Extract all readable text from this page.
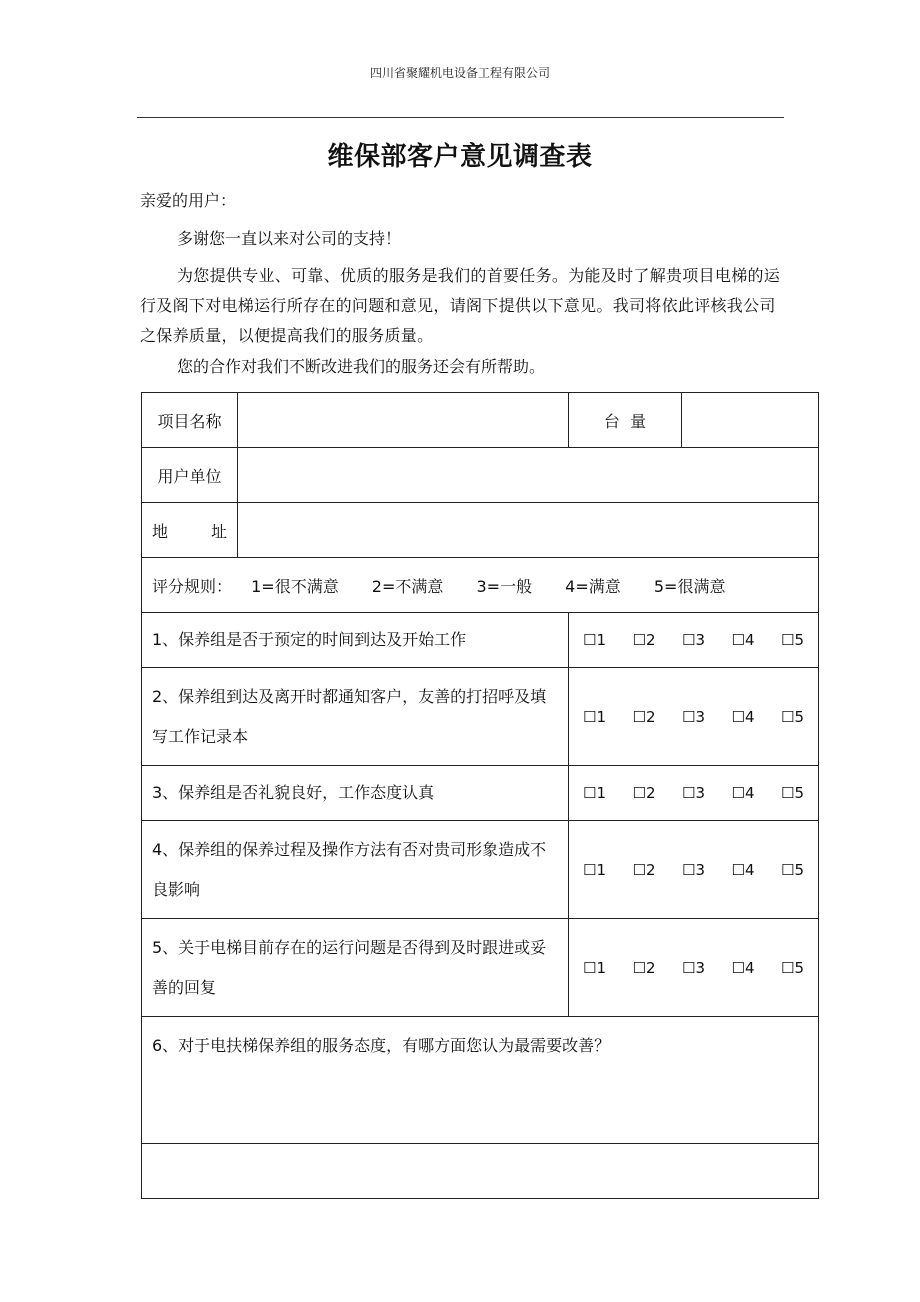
四川省聚耀机电设备工程有限公司
维保部客户意见调查表
亲爱的用户：
多谢您一直以来对公司的支持！
为您提供专业、可靠、优质的服务是我们的首要任务。为能及时了解贵项目电梯的运行及阁下对电梯运行所存在的问题和意见，请阁下提供以下意见。我司将依此评核我公司之保养质量，以便提高我们的服务质量。
您的合作对我们不断改进我们的服务还会有所帮助。
项目名称		台  量	
用户单位			

地 址			

评分规则： 1=很不满意 2=不满意 3=一般 4=满意 5=很满意			

1、保养组是否于预定的时间到达及开始工作		☐1 ☐2 ☐3 ☐4 ☐5	

2、保养组到达及离开时都通知客户，友善的打招呼及填写工作记录本		☐1 ☐2 ☐3 ☐4 ☐5	

3、保养组是否礼貌良好，工作态度认真		☐1 ☐2 ☐3 ☐4 ☐5	

4、保养组的保养过程及操作方法有否对贵司形象造成不良影响		☐1 ☐2 ☐3 ☐4 ☐5	

5、关于电梯目前存在的运行问题是否得到及时跟进或妥善的回复		☐1 ☐2 ☐3 ☐4 ☐5	

6、对于电扶梯保养组的服务态度，有哪方面您认为最需要改善？			
